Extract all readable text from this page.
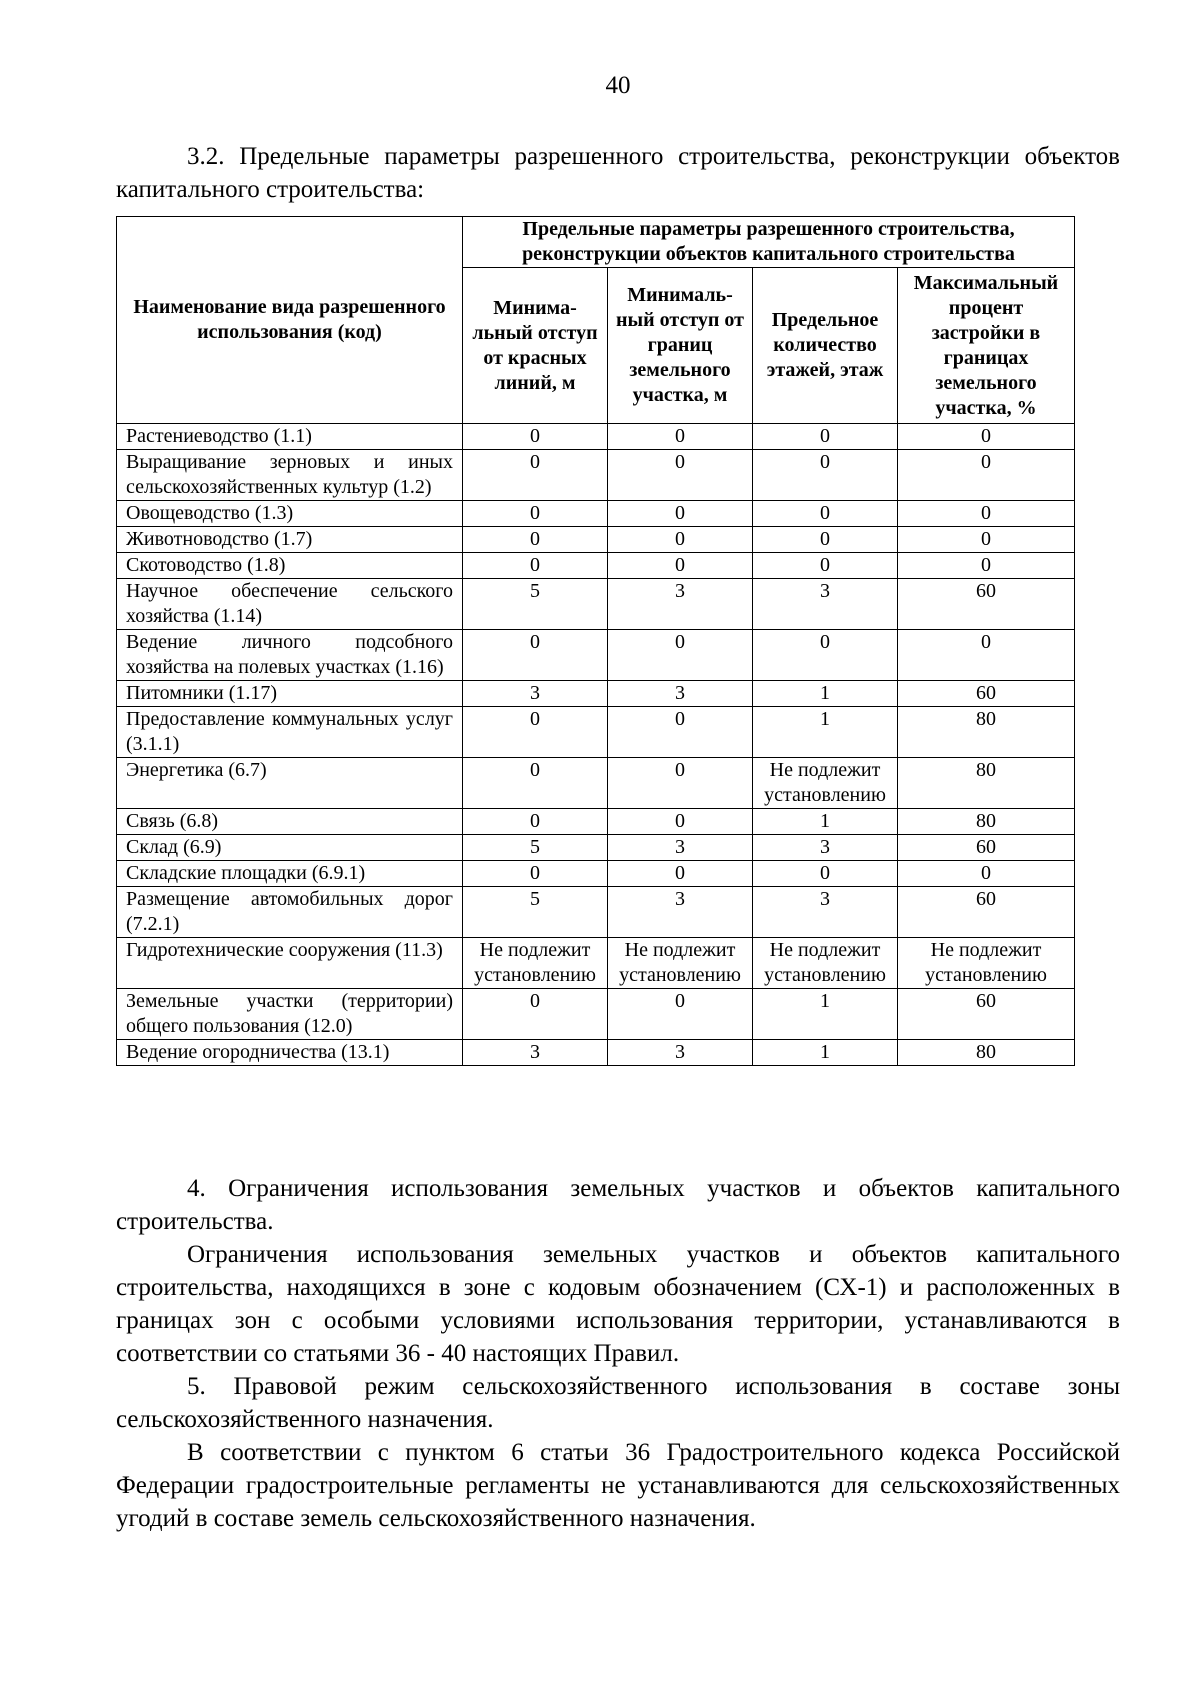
40

3.2. Предельные параметры разрешенного строительства, реконструкции объектов капитального строительства:

Наименование вида разрешенного использования (код)	Предельные параметры разрешенного строительства, реконструкции объектов капитального строительства			
	Минима-льный отступ от красных линий, м	Минималь-ный отступ от границ земельного участка, м	Предельное количество этажей, этаж	Максимальный процент застройки в границах земельного участка, %
Растениеводство (1.1)	0	0	0	0
Выращивание зерновых и иных сельскохозяйственных культур (1.2)	0	0	0	0
Овощеводство (1.3)	0	0	0	0
Животноводство (1.7)	0	0	0	0
Скотоводство (1.8)	0	0	0	0
Научное обеспечение сельского хозяйства (1.14)	5	3	3	60
Ведение личного подсобного хозяйства на полевых участках (1.16)	0	0	0	0
Питомники (1.17)	3	3	1	60
Предоставление коммунальных услуг (3.1.1)	0	0	1	80
Энергетика (6.7)	0	0	Не подлежит установлению	80
Связь (6.8)	0	0	1	80
Склад (6.9)	5	3	3	60
Складские площадки (6.9.1)	0	0	0	0
Размещение автомобильных дорог (7.2.1)	5	3	3	60
Гидротехнические сооружения (11.3)	Не подлежит установлению	Не подлежит установлению	Не подлежит установлению	Не подлежит установлению
Земельные участки (территории) общего пользования (12.0)	0	0	1	60
Ведение огородничества (13.1)	3	3	1	80

4. Ограничения использования земельных участков и объектов капитального строительства.

Ограничения использования земельных участков и объектов капитального строительства, находящихся в зоне с кодовым обозначением (СХ-1) и расположенных в границах зон с особыми условиями использования территории, устанавливаются в соответствии со статьями 36 - 40 настоящих Правил.

5. Правовой режим сельскохозяйственного использования в составе зоны сельскохозяйственного назначения.

В соответствии с пунктом 6 статьи 36 Градостроительного кодекса Российской Федерации градостроительные регламенты не устанавливаются для сельскохозяйственных угодий в составе земель сельскохозяйственного назначения.
